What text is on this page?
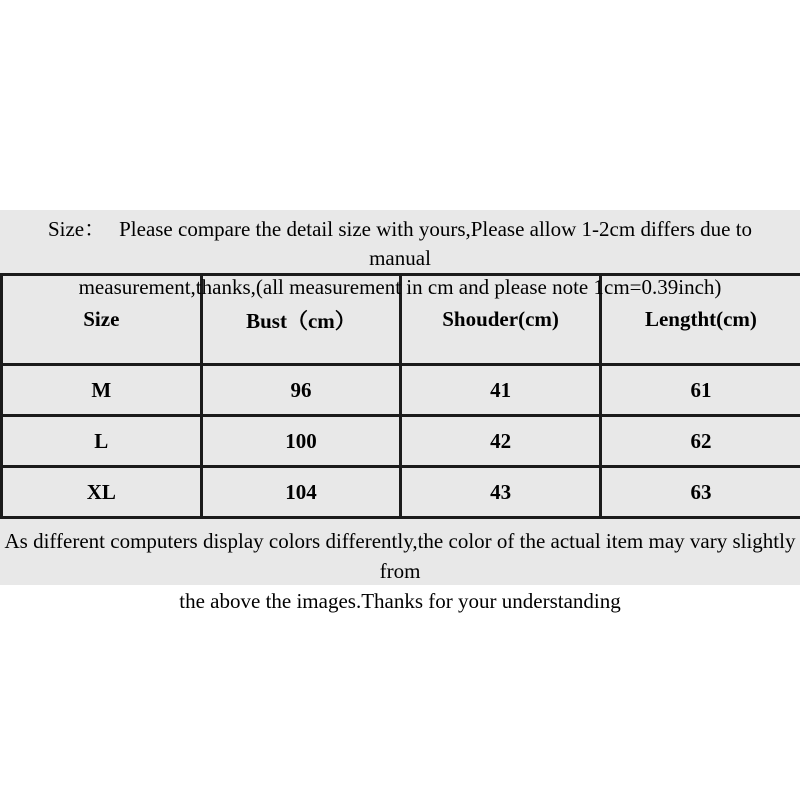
Size： Please compare the detail size with yours,Please allow 1-2cm differs due to manual
measurement,thanks,(all measurement in cm and please note 1cm=0.39inch)
Size	Bust（cm）	Shouder(cm)	Lengtht(cm)
M	96	41	61
L	100	42	62
XL	104	43	63
As different computers display colors differently,the color of the actual item may vary slightly from
the above the images.Thanks for your understanding
